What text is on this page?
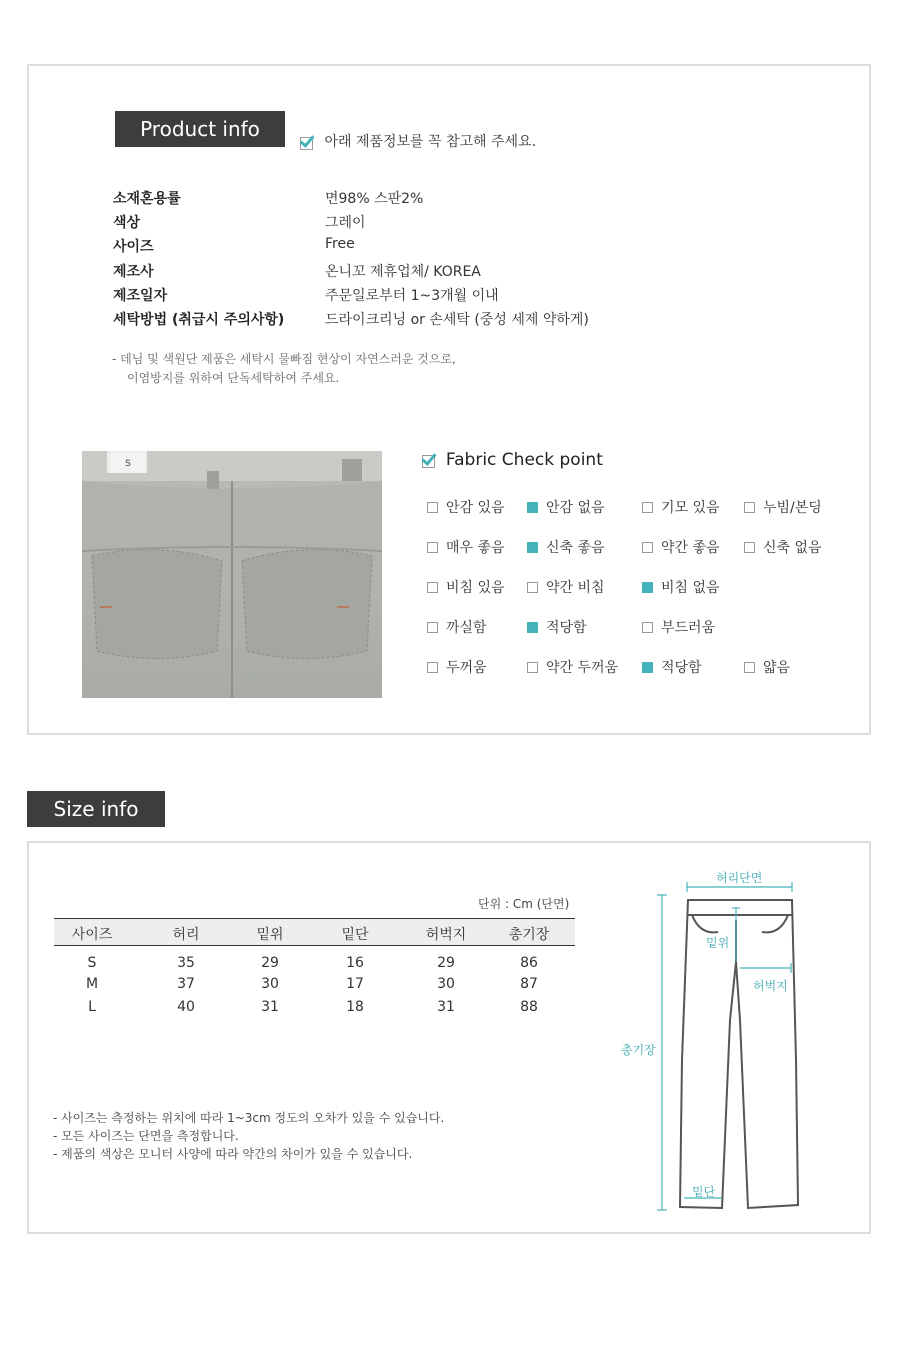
Product info
아래 제품정보를 꼭 참고해 주세요.
소재혼용률	면98% 스판2%
색상	그레이
사이즈	Free
제조사	온니꼬 제휴업체/ KOREA
제조일자	주문일로부터 1~3개월 이내
세탁방법 (취급시 주의사항)	드라이크리닝 or 손세탁 (중성 세제 약하게)
- 데님 및 색원단 제품은 세탁시 물빠짐 현상이 자연스러운 것으로,
이염방지를 위하여 단독세탁하여 주세요.
S	Fabric Check point
안감 있음	안감 없음	기모 있음	누빔/본딩
매우 좋음	신축 좋음	약간 좋음	신축 없음
비침 있음	약간 비침	비침 없음
까실함	적당함	부드러움
두꺼움	약간 두꺼움	적당함	얇음
Size info
단위 : Cm (단면)
사이즈	허리	밑위	밑단	허벅지	총기장
S	35	29	16	29	86
M	37	30	17	30	87
L	40	31	18	31	88
- 사이즈는 측정하는 위치에 따라 1~3cm 정도의 오차가 있을 수 있습니다.
- 모든 사이즈는 단면을 측정합니다.
- 제품의 색상은 모니터 사양에 따라 약간의 차이가 있을 수 있습니다.
허리단면
밑위
허벅지
총기장
밑단
